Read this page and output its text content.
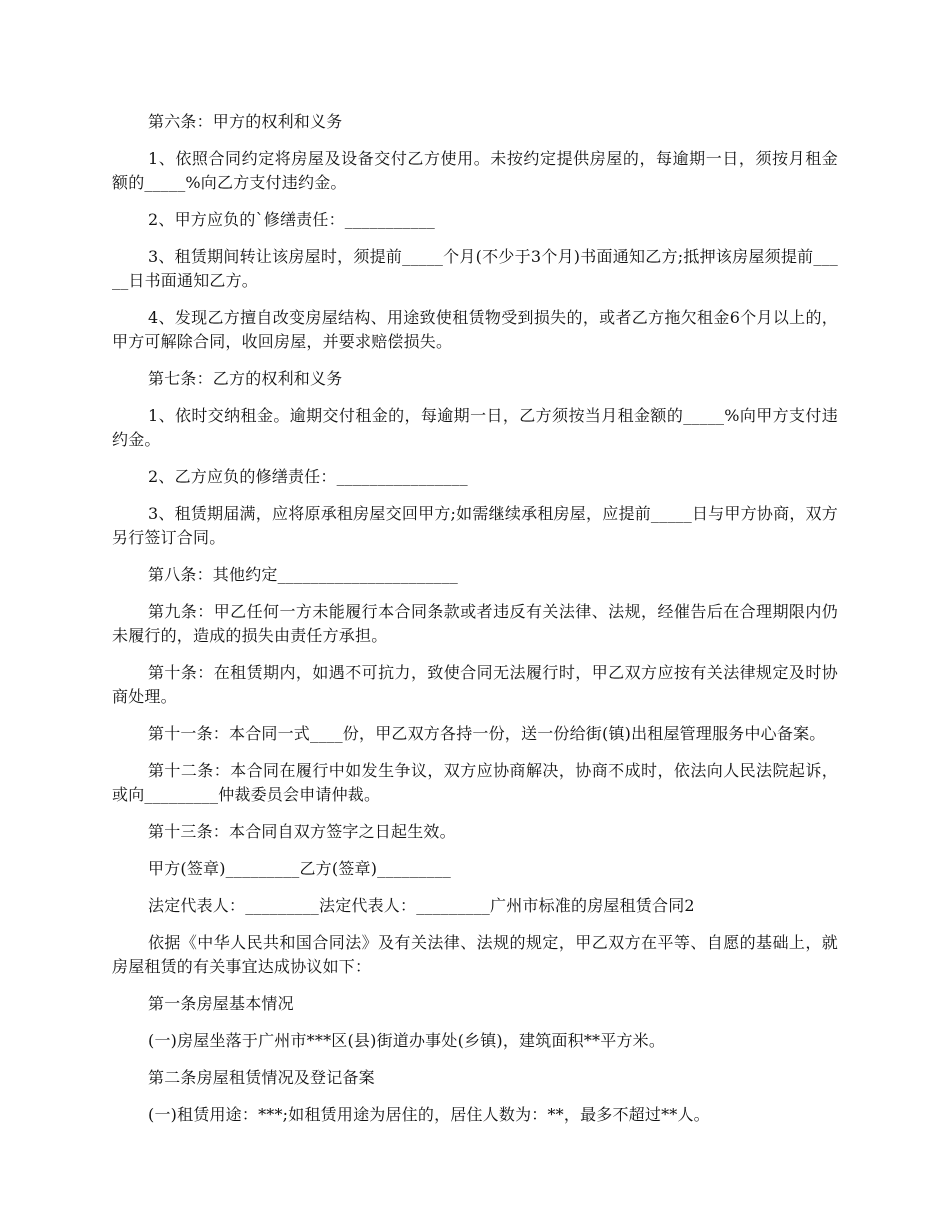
第六条：甲方的权利和义务

1、依照合同约定将房屋及设备交付乙方使用。未按约定提供房屋的，每逾期一日，须按月租金额的_____%向乙方支付违约金。

2、甲方应负的`修缮责任：___________

3、租赁期间转让该房屋时，须提前_____个月(不少于3个月)书面通知乙方;抵押该房屋须提前_____日书面通知乙方。

4、发现乙方擅自改变房屋结构、用途致使租赁物受到损失的，或者乙方拖欠租金6个月以上的，甲方可解除合同，收回房屋，并要求赔偿损失。

第七条：乙方的权利和义务

1、依时交纳租金。逾期交付租金的，每逾期一日，乙方须按当月租金额的_____%向甲方支付违约金。

2、乙方应负的修缮责任：________________

3、租赁期届满，应将原承租房屋交回甲方;如需继续承租房屋，应提前_____日与甲方协商，双方另行签订合同。

第八条：其他约定______________________

第九条：甲乙任何一方未能履行本合同条款或者违反有关法律、法规，经催告后在合理期限内仍未履行的，造成的损失由责任方承担。

第十条：在租赁期内，如遇不可抗力，致使合同无法履行时，甲乙双方应按有关法律规定及时协商处理。

第十一条：本合同一式____份，甲乙双方各持一份，送一份给街(镇)出租屋管理服务中心备案。

第十二条：本合同在履行中如发生争议，双方应协商解决，协商不成时，依法向人民法院起诉，或向_________仲裁委员会申请仲裁。

第十三条：本合同自双方签字之日起生效。

甲方(签章)_________乙方(签章)_________

法定代表人：_________法定代表人：_________广州市标准的房屋租赁合同2

依据《中华人民共和国合同法》及有关法律、法规的规定，甲乙双方在平等、自愿的基础上，就房屋租赁的有关事宜达成协议如下：

第一条房屋基本情况

(一)房屋坐落于广州市***区(县)街道办事处(乡镇)，建筑面积**平方米。

第二条房屋租赁情况及登记备案

(一)租赁用途：***;如租赁用途为居住的，居住人数为：**，最多不超过**人。
